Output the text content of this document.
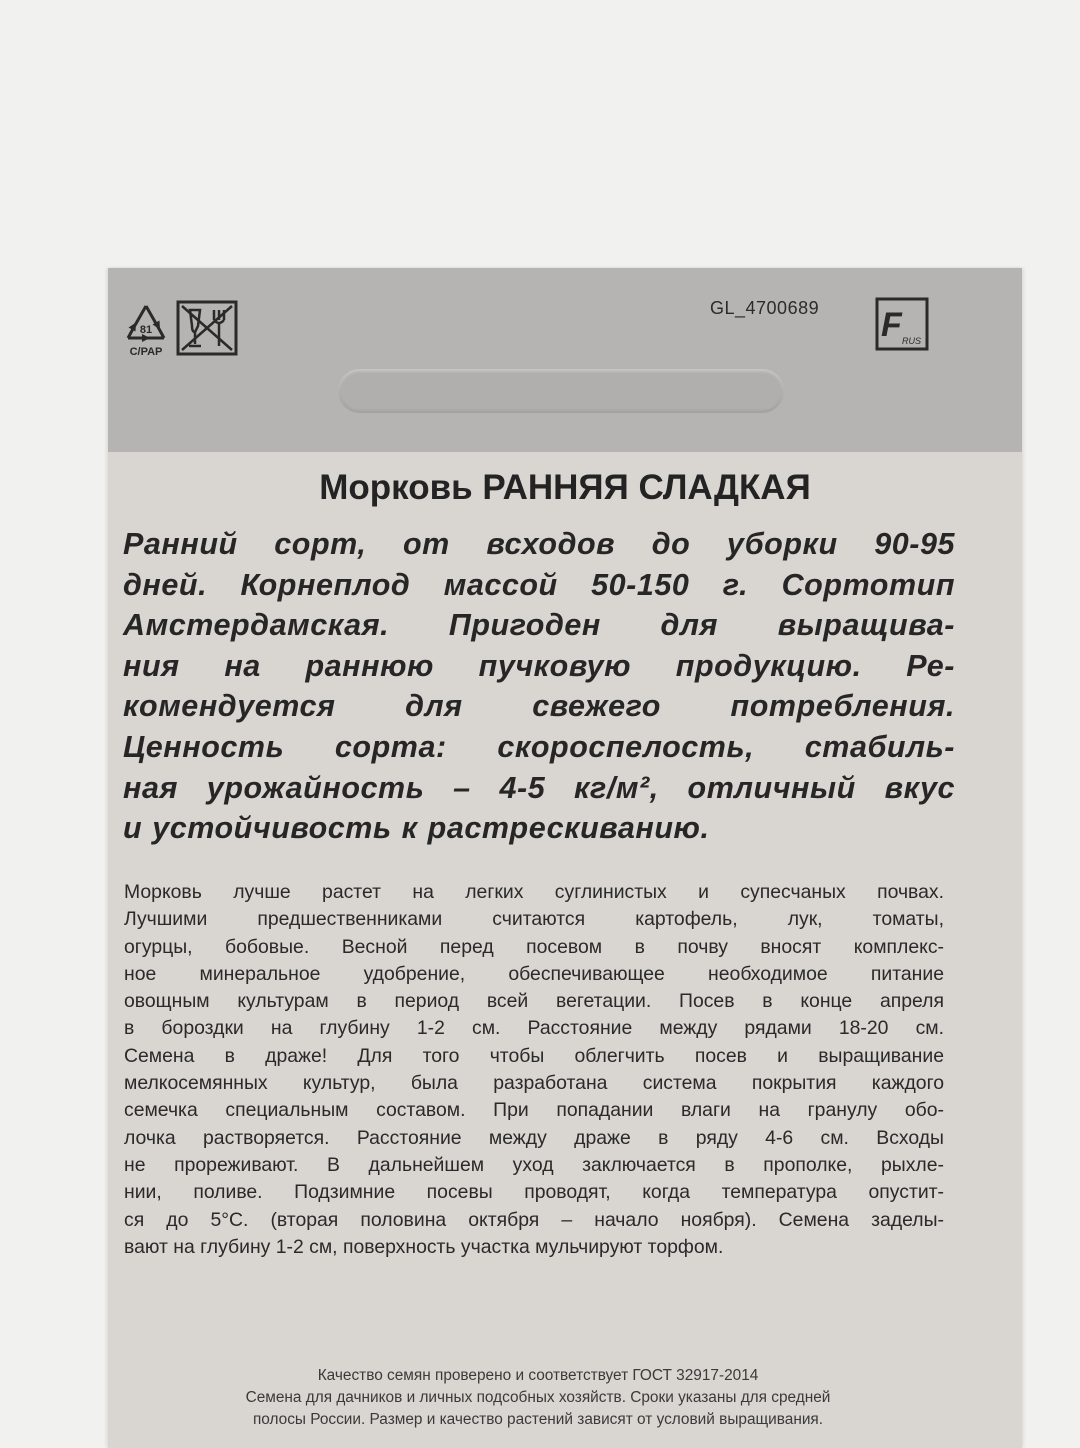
81
C/PAP
GL_4700689 F RUS
Морковь РАННЯЯ СЛАДКАЯ
Ранний сорт, от всходов до уборки 90-95
дней. Корнеплод массой 50-150 г. Сортотип
Амстердамская. Пригоден для выращива-
ния на раннюю пучковую продукцию. Ре-
комендуется для свежего потребления.
Ценность сорта: скороспелость, стабиль-
ная урожайность – 4-5 кг/м², отличный вкус
и устойчивость к растрескиванию.
Морковь лучше растет на легких суглинистых и супесчаных почвах.
Лучшими предшественниками считаются картофель, лук, томаты,
огурцы, бобовые. Весной перед посевом в почву вносят комплекс-
ное минеральное удобрение, обеспечивающее необходимое питание
овощным культурам в период всей вегетации. Посев в конце апреля
в бороздки на глубину 1-2 см. Расстояние между рядами 18-20 см.
Семена в драже! Для того чтобы облегчить посев и выращивание
мелкосемянных культур, была разработана система покрытия каждого
семечка специальным составом. При попадании влаги на гранулу обо-
лочка растворяется. Расстояние между драже в ряду 4-6 см. Всходы
не прореживают. В дальнейшем уход заключается в прополке, рыхле-
нии, поливе. Подзимние посевы проводят, когда температура опустит-
ся до 5°С. (вторая половина октября – начало ноября). Семена заделы-
вают на глубину 1-2 см, поверхность участка мульчируют торфом.
Качество семян проверено и соответствует ГОСТ 32917-2014
Семена для дачников и личных подсобных хозяйств. Сроки указаны для средней
полосы России. Размер и качество растений зависят от условий выращивания.
